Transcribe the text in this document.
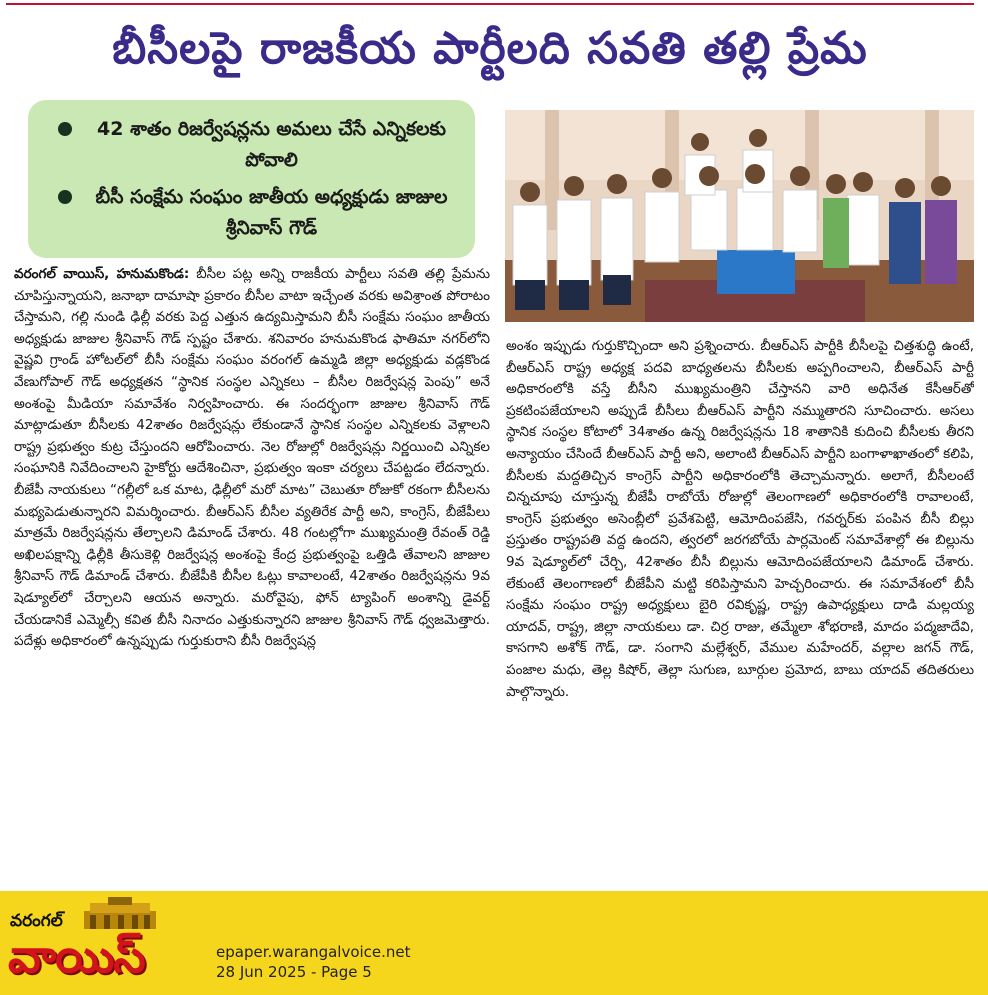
బీసీలపై రాజకీయ పార్టీలది సవతి తల్లి ప్రేమ
42 శాతం రిజర్వేషన్లను అమలు చేసే ఎన్నికలకు పోవాలి
బీసీ సంక్షేమ సంఘం జాతీయ అధ్యక్షుడు జాజుల శ్రీనివాస్ గౌడ్
వరంగల్ వాయిస్, హనుమకొండ: బీసీల పట్ల అన్ని రాజకీయ పార్టీలు సవతి తల్లి ప్రేమను చూపిస్తున్నాయని, జనాభా దామాషా ప్రకారం బీసీల వాటా ఇచ్చేంత వరకు అవిశ్రాంత పోరాటం చేస్తామని, గల్లి నుండి ఢిల్లీ వరకు పెద్ద ఎత్తున ఉద్యమిస్తామని బీసీ సంక్షేమ సంఘం జాతీయ అధ్యక్షుడు జాజుల శ్రీనివాస్ గౌడ్ స్పష్టం చేశారు. శనివారం హనుమకొండ ఫాతిమా నగర్‌లోని వైష్ణవి గ్రాండ్ హోటల్‌లో బీసీ సంక్షేమ సంఘం వరంగల్ ఉమ్మడి జిల్లా అధ్యక్షుడు వడ్లకొండ వేణుగోపాల్ గౌడ్ అధ్యక్షతన “స్థానిక సంస్థల ఎన్నికలు – బీసీల రిజర్వేషన్ల పెంపు” అనే అంశంపై మీడియా సమావేశం నిర్వహించారు. ఈ సందర్భంగా జాజుల శ్రీనివాస్ గౌడ్ మాట్లాడుతూ బీసీలకు 42శాతం రిజర్వేషన్లు లేకుండానే స్థానిక సంస్థల ఎన్నికలకు వెళ్లాలని రాష్ట్ర ప్రభుత్వం కుట్ర చేస్తుందని ఆరోపించారు. నెల రోజుల్లో రిజర్వేషన్లు నిర్ణయించి ఎన్నికల సంఘానికి నివేదించాలని హైకోర్టు ఆదేశించినా, ప్రభుత్వం ఇంకా చర్యలు చేపట్టడం లేదన్నారు. బీజేపీ నాయకులు “గల్లీలో ఒక మాట, ఢిల్లీలో మరో మాట” చెబుతూ రోజుకో రకంగా బీసీలను మభ్యపెడుతున్నారని విమర్శించారు. బీఆర్ఎస్ బీసీల వ్యతిరేక పార్టీ అని, కాంగ్రెస్, బీజేపీలు మాత్రమే రిజర్వేషన్లను తేల్చాలని డిమాండ్ చేశారు. 48 గంటల్లోగా ముఖ్యమంత్రి రేవంత్ రెడ్డి అఖిలపక్షాన్ని ఢిల్లీకి తీసుకెళ్లి రిజర్వేషన్ల అంశంపై కేంద్ర ప్రభుత్వంపై ఒత్తిడి తేవాలని జాజుల శ్రీనివాస్ గౌడ్ డిమాండ్ చేశారు. బీజేపీకి బీసీల ఓట్లు కావాలంటే, 42శాతం రిజర్వేషన్లను 9వ షెడ్యూల్‌లో చేర్చాలని ఆయన అన్నారు. మరోవైపు, ఫోన్ ట్యాపింగ్ అంశాన్ని డైవర్ట్ చేయడానికే ఎమ్మెల్సీ కవిత బీసీ నినాదం ఎత్తుకున్నారని జాజుల శ్రీనివాస్ గౌడ్ ధ్వజమెత్తారు. పదేళ్లు అధికారంలో ఉన్నప్పుడు గుర్తుకురాని బీసీ రిజర్వేషన్ల
అంశం ఇప్పుడు గుర్తుకొచ్చిందా అని ప్రశ్నించారు. బీఆర్ఎస్ పార్టీకి బీసీలపై చిత్తశుద్ధి ఉంటే, బీఆర్ఎస్ రాష్ట్ర అధ్యక్ష పదవి బాధ్యతలను బీసీలకు అప్పగించాలని, బీఆర్ఎస్ పార్టీ అధికారంలోకి వస్తే బీసీని ముఖ్యమంత్రిని చేస్తానని వారి అధినేత కేసీఆర్‌తో ప్రకటింపజేయాలని అప్పుడే బీసీలు బీఆర్ఎస్ పార్టీని నమ్ముతారని సూచించారు. అసలు స్థానిక సంస్థల కోటాలో 34శాతం ఉన్న రిజర్వేషన్లను 18 శాతానికి కుదించి బీసీలకు తీరని అన్యాయం చేసిందే బీఆర్ఎస్ పార్టీ అని, అలాంటి బీఆర్ఎస్ పార్టీని బంగాళాఖాతంలో కలిపి, బీసీలకు మద్దతిచ్చిన కాంగ్రెస్ పార్టీని అధికారంలోకి తెచ్చామన్నారు. అలాగే, బీసీలంటే చిన్నచూపు చూస్తున్న బీజేపీ రాబోయే రోజుల్లో తెలంగాణలో అధికారంలోకి రావాలంటే, కాంగ్రెస్ ప్రభుత్వం అసెంబ్లీలో ప్రవేశపెట్టి, ఆమోదింపజేసి, గవర్నర్‌కు పంపిన బీసీ బిల్లు ప్రస్తుతం రాష్ట్రపతి వద్ద ఉందని, త్వరలో జరగబోయే పార్లమెంట్ సమావేశాల్లో ఈ బిల్లును 9వ షెడ్యూల్‌లో చేర్చి, 42శాతం బీసీ బిల్లును ఆమోదింపజేయాలని డిమాండ్ చేశారు. లేకుంటే తెలంగాణలో బీజేపీని మట్టి కరిపిస్తామని హెచ్చరించారు. ఈ సమావేశంలో బీసీ సంక్షేమ సంఘం రాష్ట్ర అధ్యక్షులు బైరి రవికృష్ణ, రాష్ట్ర ఉపాధ్యక్షులు దాడి మల్లయ్య యాదవ్, రాష్ట్ర, జిల్లా నాయకులు డా. చిర్ర రాజు, తమ్మేలా శోభరాణి, మాదం పద్మజాదేవి, కాసగాని అశోక్ గౌడ్, డా. సంగాని మల్లేశ్వర్, వేముల మహేందర్, వల్లాల జగన్ గౌడ్, పంజాల మధు, తెల్ల కిషోర్, తెల్లా సుగుణ, బూర్గుల ప్రమోద, బాబు యాదవ్ తదితరులు పాల్గొన్నారు.
వరంగల్
వాయిస్	epaper.warangalvoice.net
28 Jun 2025 - Page 5
